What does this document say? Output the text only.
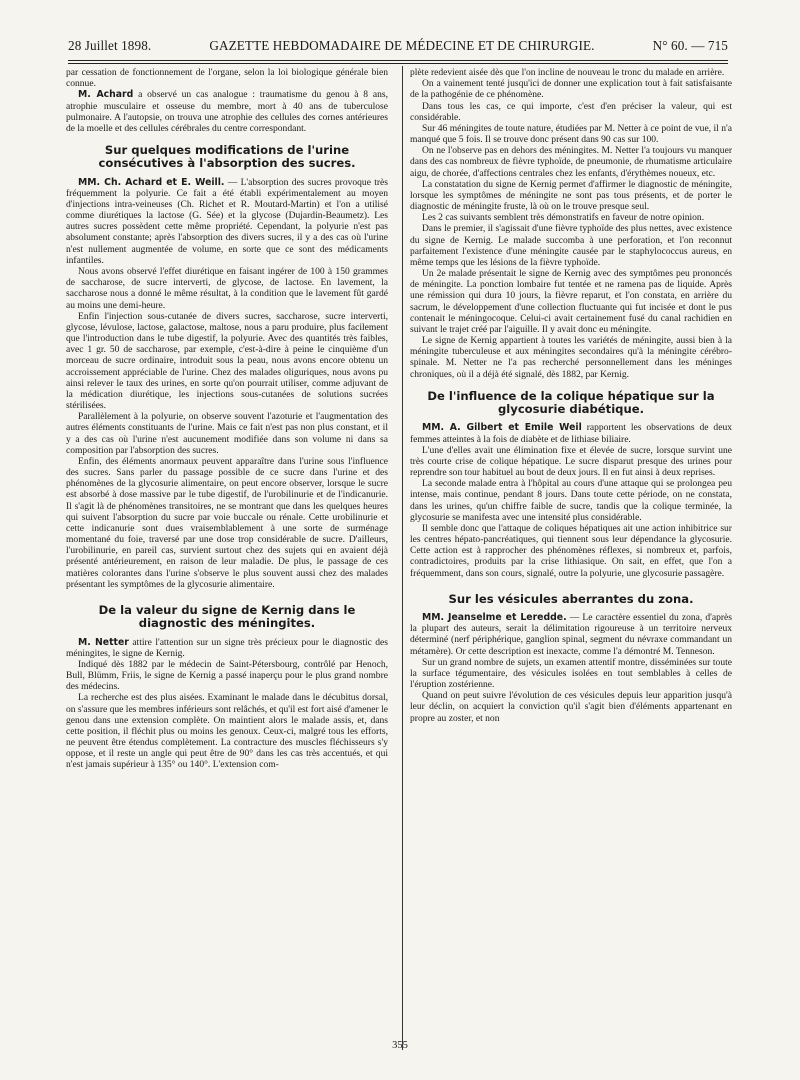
28 Juillet 1898.	GAZETTE HEBDOMADAIRE DE MÉDECINE ET DE CHIRURGIE.	N° 60. — 715

par cessation de fonctionnement de l'organe, selon la loi biologique générale bien connue.

M. Achard a observé un cas analogue : traumatisme du genou à 8 ans, atrophie musculaire et osseuse du membre, mort à 40 ans de tuberculose pulmonaire. A l'autopsie, on trouva une atrophie des cellules des cornes antérieures de la moelle et des cellules cérébrales du centre correspondant.

Sur quelques modifications de l'urine consécutives à l'absorption des sucres.

MM. Ch. Achard et E. Weill. — L'absorption des sucres provoque très fréquemment la polyurie. Ce fait a été établi expérimentalement au moyen d'injections intra-veineuses (Ch. Richet et R. Moutard-Martin) et l'on a utilisé comme diurétiques la lactose (G. Sée) et la glycose (Dujardin-Beaumetz). Les autres sucres possèdent cette même propriété. Cependant, la polyurie n'est pas absolument constante; après l'absorption des divers sucres, il y a des cas où l'urine n'est nullement augmentée de volume, en sorte que ce sont des médicaments infantiles.

Nous avons observé l'effet diurétique en faisant ingérer de 100 à 150 grammes de saccharose, de sucre interverti, de glycose, de lactose. En lavement, la saccharose nous a donné le même résultat, à la condition que le lavement fût gardé au moins une demi-heure.

Enfin l'injection sous-cutanée de divers sucres, saccharose, sucre interverti, glycose, lévulose, lactose, galactose, maltose, nous a paru produire, plus facilement que l'introduction dans le tube digestif, la polyurie. Avec des quantités très faibles, avec 1 gr. 50 de saccharose, par exemple, c'est-à-dire à peine le cinquième d'un morceau de sucre ordinaire, introduit sous la peau, nous avons encore obtenu un accroissement appréciable de l'urine. Chez des malades oliguriques, nous avons pu ainsi relever le taux des urines, en sorte qu'on pourrait utiliser, comme adjuvant de la médication diurétique, les injections sous-cutanées de solutions sucrées stérilisées.

Parallèlement à la polyurie, on observe souvent l'azoturie et l'augmentation des autres éléments constituants de l'urine. Mais ce fait n'est pas non plus constant, et il y a des cas où l'urine n'est aucunement modifiée dans son volume ni dans sa composition par l'absorption des sucres.

Enfin, des éléments anormaux peuvent apparaître dans l'urine sous l'influence des sucres. Sans parler du passage possible de ce sucre dans l'urine et des phénomènes de la glycosurie alimentaire, on peut encore observer, lorsque le sucre est absorbé à dose massive par le tube digestif, de l'urobilinurie et de l'indicanurie. Il s'agit là de phénomènes transitoires, ne se montrant que dans les quelques heures qui suivent l'absorption du sucre par voie buccale ou rénale. Cette urobilinurie et cette indicanurie sont dues vraisemblablement à une sorte de surménage momentané du foie, traversé par une dose trop considérable de sucre. D'ailleurs, l'urobilinurie, en pareil cas, survient surtout chez des sujets qui en avaient déjà présenté antérieurement, en raison de leur maladie. De plus, le passage de ces matières colorantes dans l'urine s'observe le plus souvent aussi chez des malades présentant les symptômes de la glycosurie alimentaire.

De la valeur du signe de Kernig dans le diagnostic des méningites.

M. Netter attire l'attention sur un signe très précieux pour le diagnostic des méningites, le signe de Kernig.

Indiqué dès 1882 par le médecin de Saint-Pétersbourg, contrôlé par Henoch, Bull, Blümm, Friis, le signe de Kernig a passé inaperçu pour le plus grand nombre des médecins.

La recherche est des plus aisées. Examinant le malade dans le décubitus dorsal, on s'assure que les membres inférieurs sont relâchés, et qu'il est fort aisé d'amener le genou dans une extension complète. On maintient alors le malade assis, et, dans cette position, il fléchit plus ou moins les genoux. Ceux-ci, malgré tous les efforts, ne peuvent être étendus complètement. La contracture des muscles fléchisseurs s'y oppose, et il reste un angle qui peut être de 90° dans les cas très accentués, et qui n'est jamais supérieur à 135° ou 140°. L'extension com-

plète redevient aisée dès que l'on incline de nouveau le tronc du malade en arrière.

On a vainement tenté jusqu'ici de donner une explication tout à fait satisfaisante de la pathogénie de ce phénomène.

Dans tous les cas, ce qui importe, c'est d'en préciser la valeur, qui est considérable.

Sur 46 méningites de toute nature, étudiées par M. Netter à ce point de vue, il n'a manqué que 5 fois. Il se trouve donc présent dans 90 cas sur 100.

On ne l'observe pas en dehors des méningites. M. Netter l'a toujours vu manquer dans des cas nombreux de fièvre typhoïde, de pneumonie, de rhumatisme articulaire aigu, de chorée, d'affections centrales chez les enfants, d'érythèmes noueux, etc.

La constatation du signe de Kernig permet d'affirmer le diagnostic de méningite, lorsque les symptômes de méningite ne sont pas tous présents, et de porter le diagnostic de méningite fruste, là où on le trouve presque seul.

Les 2 cas suivants semblent très démonstratifs en faveur de notre opinion.

Dans le premier, il s'agissait d'une fièvre typhoïde des plus nettes, avec existence du signe de Kernig. Le malade succomba à une perforation, et l'on reconnut parfaitement l'existence d'une méningite causée par le staphylococcus aureus, en même temps que les lésions de la fièvre typhoïde.

Un 2e malade présentait le signe de Kernig avec des symptômes peu prononcés de méningite. La ponction lombaire fut tentée et ne ramena pas de liquide. Après une rémission qui dura 10 jours, la fièvre reparut, et l'on constata, en arrière du sacrum, le développement d'une collection fluctuante qui fut incisée et dont le pus contenait le méningocoque. Celui-ci avait certainement fusé du canal rachidien en suivant le trajet créé par l'aiguille. Il y avait donc eu méningite.

Le signe de Kernig appartient à toutes les variétés de méningite, aussi bien à la méningite tuberculeuse et aux méningites secondaires qu'à la méningite cérébro-spinale. M. Netter ne l'a pas recherché personnellement dans les méninges chroniques, où il a déjà été signalé, dès 1882, par Kernig.

De l'influence de la colique hépatique sur la glycosurie diabétique.

MM. A. Gilbert et Emile Weil rapportent les observations de deux femmes atteintes à la fois de diabète et de lithiase biliaire.

L'une d'elles avait une élimination fixe et élevée de sucre, lorsque survint une très courte crise de colique hépatique. Le sucre disparut presque des urines pour reprendre son tour habituel au bout de deux jours. Il en fut ainsi à deux reprises.

La seconde malade entra à l'hôpital au cours d'une attaque qui se prolongea peu intense, mais continue, pendant 8 jours. Dans toute cette période, on ne constata, dans les urines, qu'un chiffre faible de sucre, tandis que la colique terminée, la glycosurie se manifesta avec une intensité plus considérable.

Il semble donc que l'attaque de coliques hépatiques ait une action inhibitrice sur les centres hépato-pancréatiques, qui tiennent sous leur dépendance la glycosurie. Cette action est à rapprocher des phénomènes réflexes, si nombreux et, parfois, contradictoires, produits par la crise lithiasique. On sait, en effet, que l'on a fréquemment, dans son cours, signalé, outre la polyurie, une glycosurie passagère.

Sur les vésicules aberrantes du zona.

MM. Jeanselme et Leredde. — Le caractère essentiel du zona, d'après la plupart des auteurs, serait la délimitation rigoureuse à un territoire nerveux déterminé (nerf périphérique, ganglion spinal, segment du névraxe commandant un métamère). Or cette description est inexacte, comme l'a démontré M. Tenneson.

Sur un grand nombre de sujets, un examen attentif montre, disséminées sur toute la surface tégumentaire, des vésicules isolées en tout semblables à celles de l'éruption zostérienne.

Quand on peut suivre l'évolution de ces vésicules depuis leur apparition jusqu'à leur déclin, on acquiert la conviction qu'il s'agit bien d'éléments appartenant en propre au zoster, et non

355
